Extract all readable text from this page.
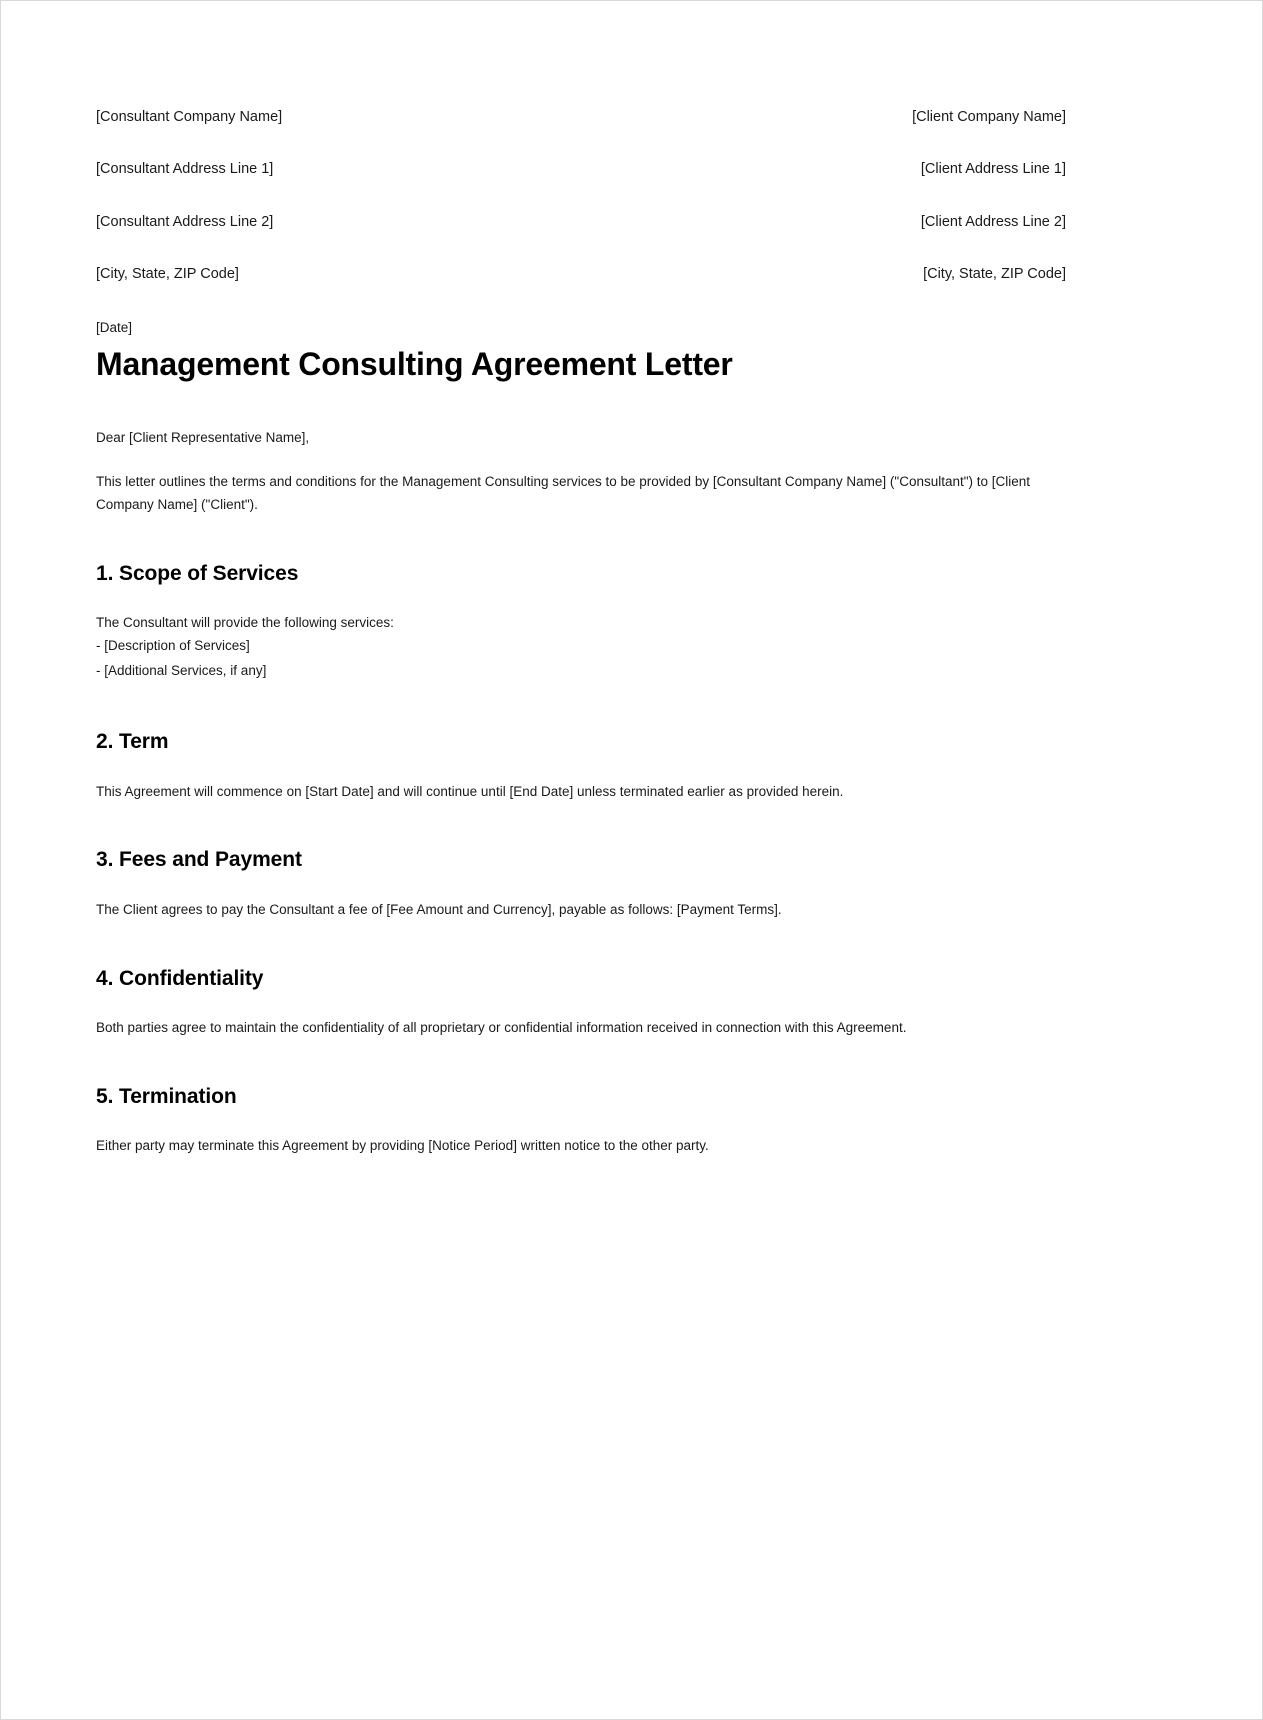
[Consultant Company Name]	[Client Company Name]
[Consultant Address Line 1]	[Client Address Line 1]
[Consultant Address Line 2]	[Client Address Line 2]
[City, State, ZIP Code]	[City, State, ZIP Code]
[Date]
Management Consulting Agreement Letter
Dear [Client Representative Name],
This letter outlines the terms and conditions for the Management Consulting services to be provided by [Consultant Company Name] ("Consultant") to [Client Company Name] ("Client").
1. Scope of Services

The Consultant will provide the following services:

- [Description of Services]
- [Additional Services, if any]
2. Term

This Agreement will commence on [Start Date] and will continue until [End Date] unless terminated earlier as provided herein.

3. Fees and Payment

The Client agrees to pay the Consultant a fee of [Fee Amount and Currency], payable as follows: [Payment Terms].

4. Confidentiality

Both parties agree to maintain the confidentiality of all proprietary or confidential information received in connection with this Agreement.

5. Termination

Either party may terminate this Agreement by providing [Notice Period] written notice to the other party.
